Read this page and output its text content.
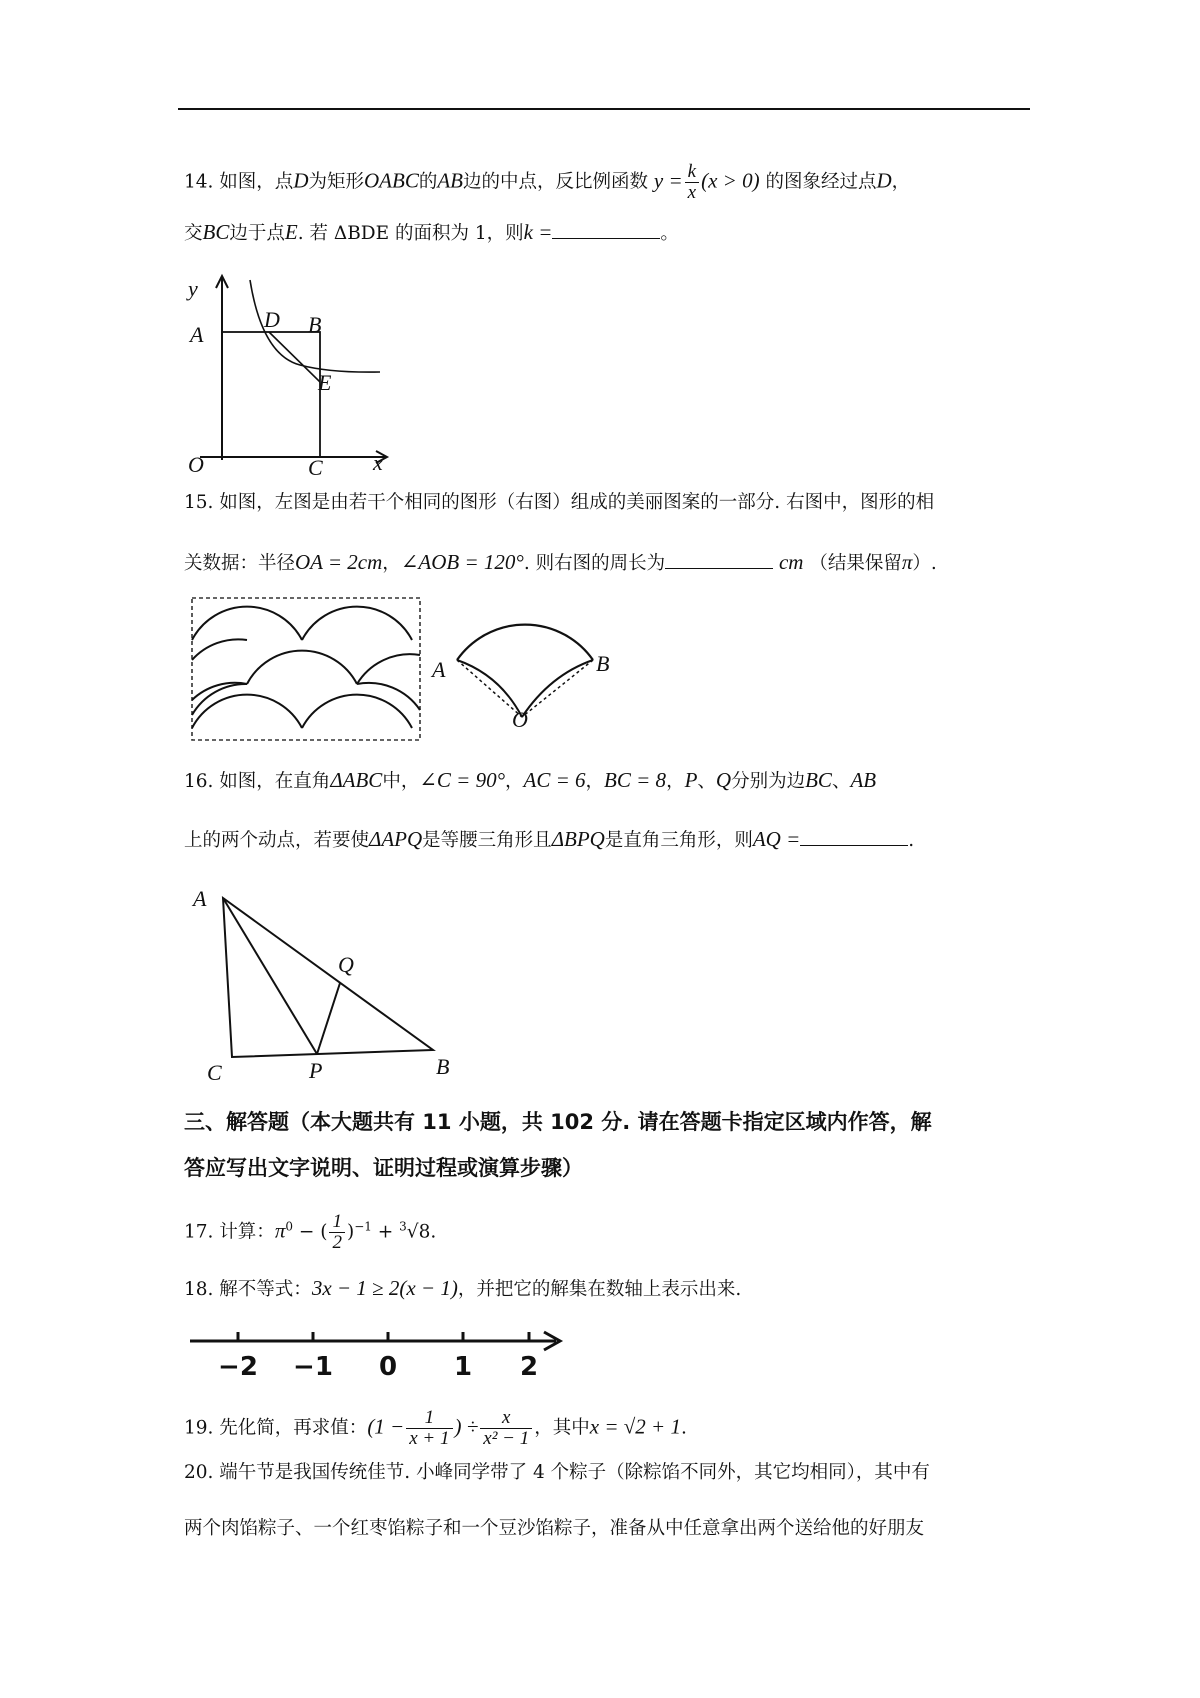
14. 如图，点D为矩形OABC的AB边的中点，反比例函数 $y = \frac{k}{x} (x > 0)$ 的图象经过点D，
交BC边于点E. 若 ΔBDE 的面积为 1，则k =	。
y
A
D B
E
O	C x
15. 如图，左图是由若干个相同的图形（右图）组成的美丽图案的一部分. 右图中，图形的相
关数据：半径OA = 2cm，∠AOB = 120°. 则右图的周长为	cm （结果保留π）.
A	B
O
16. 如图，在直角ΔABC中，∠C = 90°，AC = 6，BC = 8，P、Q分别为边BC、AB
上的两个动点，若要使ΔAPQ是等腰三角形且ΔBPQ是直角三角形，则AQ =	.
A
Q
C	P	B
三、解答题（本大题共有 11 小题，共 102 分. 请在答题卡指定区域内作答，解
答应写出文字说明、证明过程或演算步骤）
17. 计算：$\pi^0$ − ( $\frac{1}{2} )^{-1} + ^3√8$.
18. 解不等式：3x − 1 ≥ 2(x − 1)，并把它的解集在数轴上表示出来.
−2 −1 0 1 2
19. 先化简，再求值：($1 - \frac{1}{x + 1}$ ) ÷ $\frac{x}{\text{x² − 1}}$ ，其中x = √2 + 1.
20. 端午节是我国传统佳节. 小峰同学带了 4 个粽子（除粽馅不同外，其它均相同），其中有
两个肉馅粽子、一个红枣馅粽子和一个豆沙馅粽子，准备从中任意拿出两个送给他的好朋友
